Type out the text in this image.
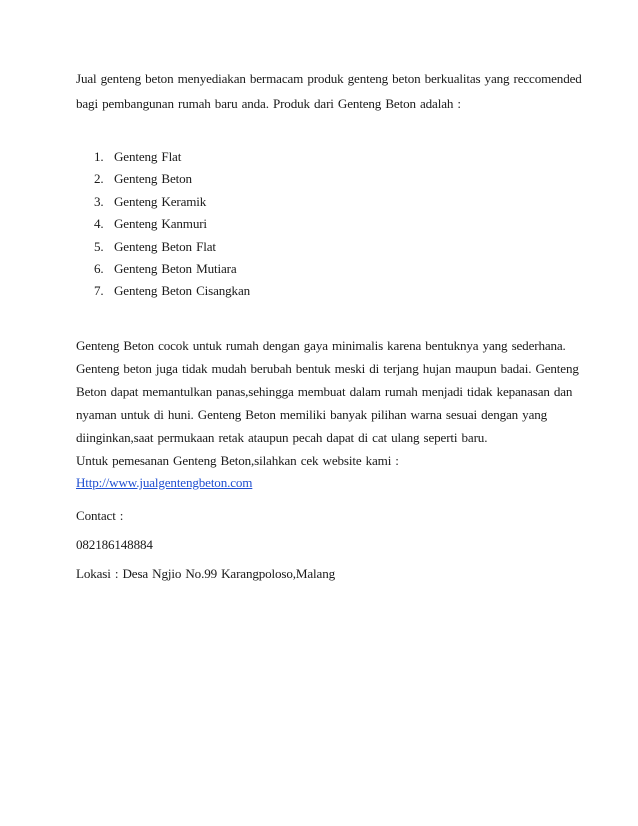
Jual genteng beton menyediakan bermacam produk genteng beton berkualitas yang reccomended
bagi pembangunan rumah baru anda. Produk dari Genteng Beton adalah :

1. Genteng Flat
2. Genteng Beton
3. Genteng Keramik
4. Genteng Kanmuri
5. Genteng Beton Flat
6. Genteng Beton Mutiara
7. Genteng Beton Cisangkan
Genteng Beton cocok untuk rumah dengan gaya minimalis karena bentuknya yang sederhana.
Genteng beton juga tidak mudah berubah bentuk meski di terjang hujan maupun badai. Genteng
Beton dapat memantulkan panas,sehingga membuat dalam rumah menjadi tidak kepanasan dan
nyaman untuk di huni. Genteng Beton memiliki banyak pilihan warna sesuai dengan yang
diinginkan,saat permukaan retak ataupun pecah dapat di cat ulang seperti baru.
Untuk pemesanan Genteng Beton,silahkan cek website kami :
Http://www.jualgentengbeton.com
Contact :
082186148884
Lokasi : Desa Ngjio No.99 Karangpoloso,Malang
